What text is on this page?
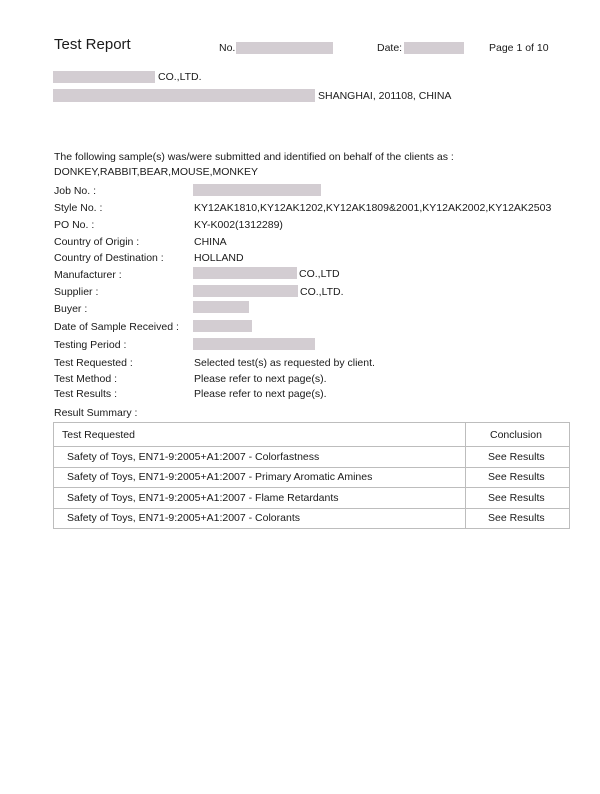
Test Report	No.	Date:	Page 1 of 10
CO.,LTD.
SHANGHAI, 201108, CHINA
The following sample(s) was/were submitted and identified on behalf of the clients as :
DONKEY,RABBIT,BEAR,MOUSE,MONKEY
Job No. :
Style No. :	KY12AK1810,KY12AK1202,KY12AK1809&2001,KY12AK2002,KY12AK2503
PO No. :	KY-K002(1312289)
Country of Origin :	CHINA
Country of Destination :	HOLLAND
Manufacturer :	CO.,LTD
Supplier :	CO.,LTD.
Buyer :
Date of Sample Received :
Testing Period :
Test Requested :	Selected test(s) as requested by client.
Test Method :	Please refer to next page(s).
Test Results :	Please refer to next page(s).
Result Summary :
Test Requested	Conclusion
Safety of Toys, EN71-9:2005+A1:2007 - Colorfastness	See Results
Safety of Toys, EN71-9:2005+A1:2007 - Primary Aromatic Amines	See Results
Safety of Toys, EN71-9:2005+A1:2007 - Flame Retardants	See Results
Safety of Toys, EN71-9:2005+A1:2007 - Colorants	See Results
